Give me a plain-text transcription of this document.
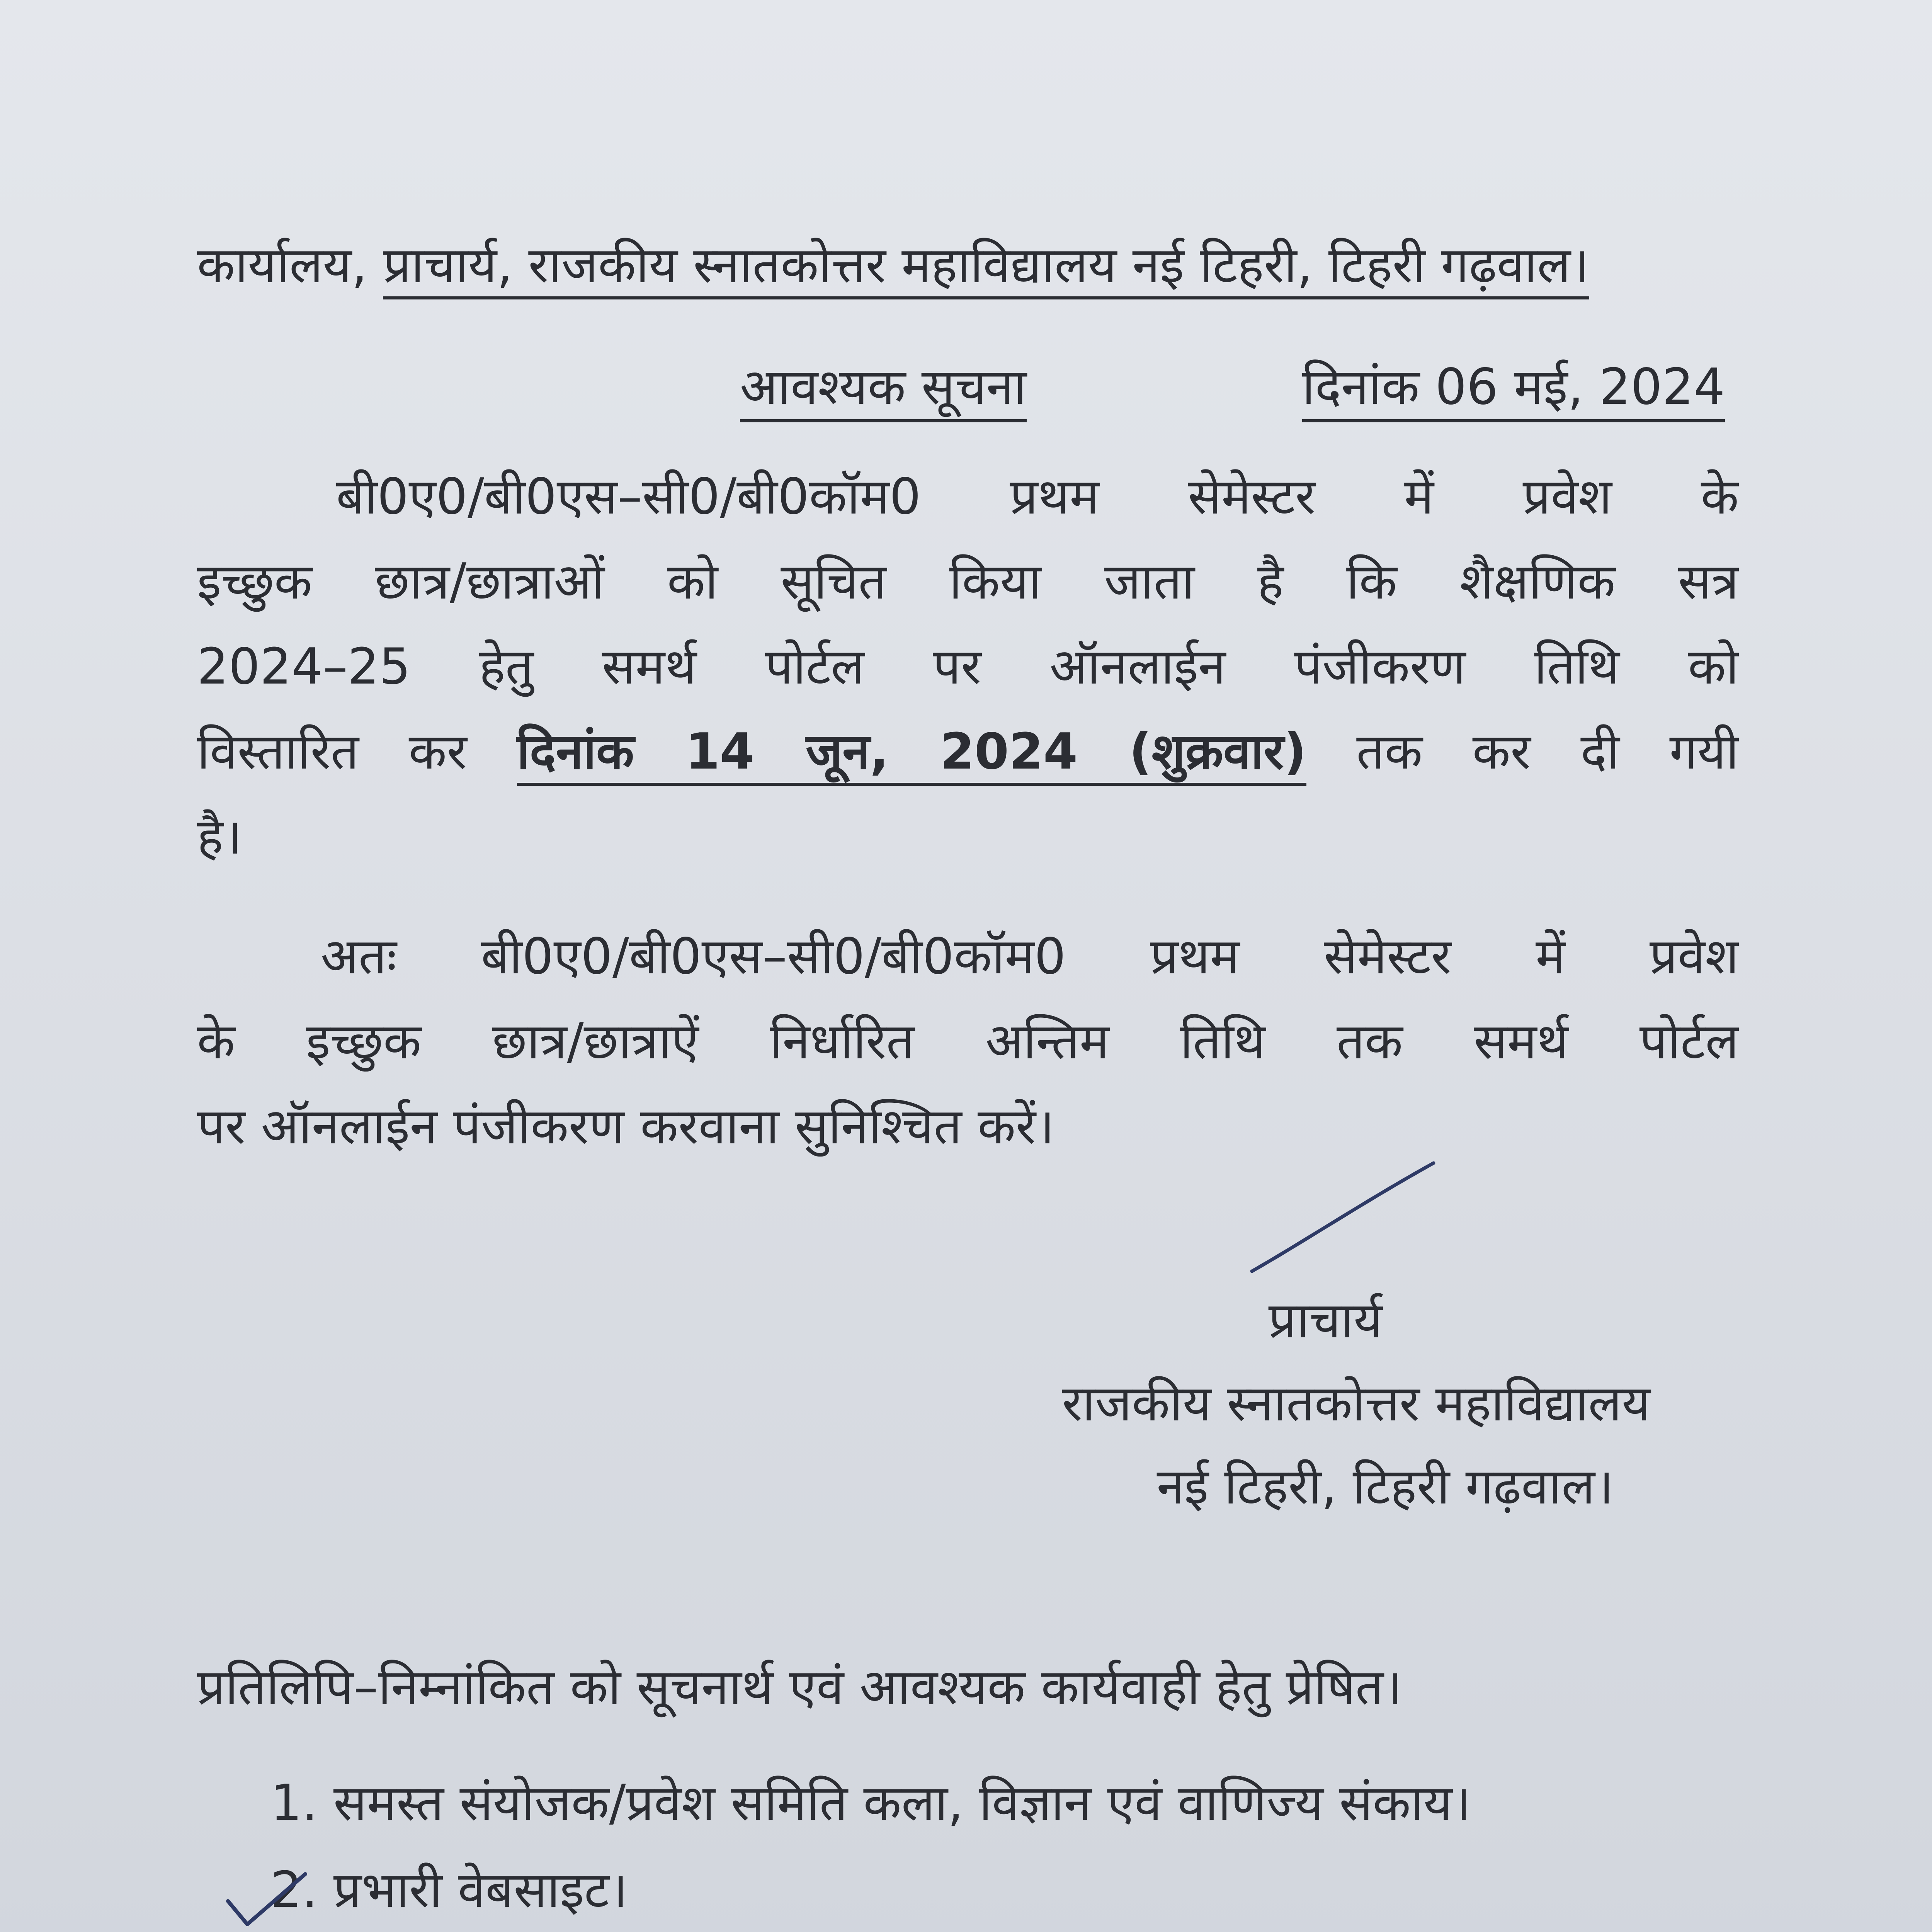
कार्यालय, प्राचार्य, राजकीय स्नातकोत्तर महाविद्यालय नई टिहरी, टिहरी गढ़वाल।
आवश्यक सूचना	दिनांक 06 मई, 2024
बी0ए0/बी0एस–सी0/बी0कॉम0 प्रथम सेमेस्टर में प्रवेश के
इच्छुक छात्र/छात्राओं को सूचित किया जाता है कि शैक्षणिक सत्र
2024–25 हेतु समर्थ पोर्टल पर ऑनलाईन पंजीकरण तिथि को
विस्तारित कर दिनांक 14 जून, 2024 (शुक्रवार) तक कर दी गयी
है।
अतः बी0ए0/बी0एस–सी0/बी0कॉम0 प्रथम सेमेस्टर में प्रवेश
के इच्छुक छात्र/छात्राऐं निर्धारित अन्तिम तिथि तक समर्थ पोर्टल
पर ऑनलाईन पंजीकरण करवाना सुनिश्चित करें।
प्राचार्य
राजकीय स्नातकोत्तर महाविद्यालय
नई टिहरी, टिहरी गढ़वाल।
प्रतिलिपि–निम्नांकित को सूचनार्थ एवं आवश्यक कार्यवाही हेतु प्रेषित।
1. समस्त संयोजक/प्रवेश समिति कला, विज्ञान एवं वाणिज्य संकाय।
2. प्रभारी वेबसाइट।
